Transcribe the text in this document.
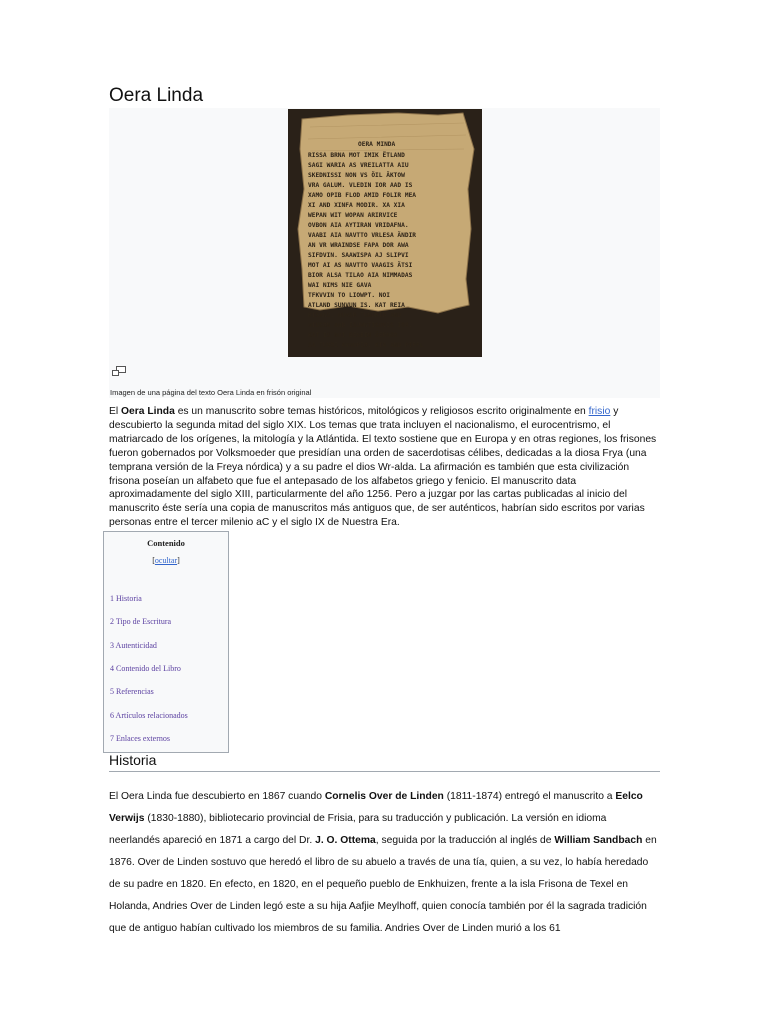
Oera Linda
OERA MINDA
RISSA BRNA MOT IMIK ËTLAND
SAGI WARIA AS VREILATTA AIU
SKEDNISSI NON VS ÖIL ÄKTOW
VRA GALUM. VLEDIN IOR AAD IS
XAMO OPIB FLOD AMID FOLIR MEA
XI AND XINFA MODIR. XA XIA
WEPAN WIT WOPAN ARIRVICE
OVBON AIA AYTIRAN VRIDAFNA.
VAABI AIA NAVTTO VRLESA ÄNDIR
AN VR WRAINDSE FAPA DOR AWA
SIFDVIN. SAAWISPA AJ SLIPVI
MOT AI AS NAVTTO VAAGIS ÄTSI
BIOR ALSA TILAO AIA NIMMADAS
WAI NIMS NIE GAVA
TFKVVIN TO LIOWPT. NOI
ATLAND SUNVUN IS. KAT REIA
RISAND. NUWSR TUNDRID AND
NIUGON AND ISUWNTIGOVIG IOR.
KAT IS NOI BESEIN ÖERNOR
SA TUVOI AVNOPIO. KIA AND PIFFL
Imagen de una página del texto Oera Linda en frisón original
El Oera Linda es un manuscrito sobre temas históricos, mitológicos y religiosos escrito originalmente en frisio y descubierto la segunda mitad del siglo XIX. Los temas que trata incluyen el nacionalismo, el eurocentrismo, el matriarcado de los orígenes, la mitología y la Atlántida. El texto sostiene que en Europa y en otras regiones, los frisones fueron gobernados por Volksmoeder que presidían una orden de sacerdotisas célibes, dedicadas a la diosa Frya (una temprana versión de la Freya nórdica) y a su padre el dios Wr-alda. La afirmación es también que esta civilización frisona poseían un alfabeto que fue el antepasado de los alfabetos griego y fenicio. El manuscrito data aproximadamente del siglo XIII, particularmente del año 1256. Pero a juzgar por las cartas publicadas al inicio del manuscrito éste sería una copia de manuscritos más antiguos que, de ser auténticos, habrían sido escritos por varias personas entre el tercer milenio aC y el siglo IX de Nuestra Era.
Contenido
[ocultar]
1 Historia
2 Tipo de Escritura
3 Autenticidad
4 Contenido del Libro
5 Referencias
6 Artículos relacionados
7 Enlaces externos
Historia
El Oera Linda fue descubierto en 1867 cuando Cornelis Over de Linden (1811-1874) entregó el manuscrito a Eelco Verwijs (1830-1880), bibliotecario provincial de Frisia, para su traducción y publicación. La versión en idioma neerlandés apareció en 1871 a cargo del Dr. J. O. Ottema, seguida por la traducción al inglés de William Sandbach en 1876. Over de Linden sostuvo que heredó el libro de su abuelo a través de una tía, quien, a su vez, lo había heredado de su padre en 1820. En efecto, en 1820, en el pequeño pueblo de Enkhuizen, frente a la isla Frisona de Texel en Holanda, Andries Over de Linden legó este a su hija Aafjie Meylhoff, quien conocía también por él la sagrada tradición que de antiguo habían cultivado los miembros de su familia. Andries Over de Linden murió a los 61
